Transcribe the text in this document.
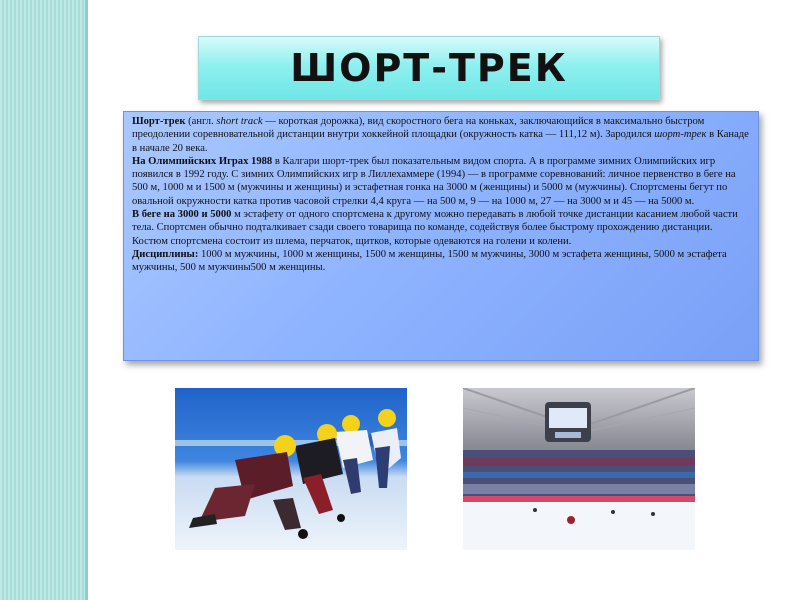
ШОРТ-ТРЕК

Шорт-трек (англ. short track — короткая дорожка), вид скоростного бега на коньках, заключающийся в максимально быстром преодолении соревновательной дистанции внутри хоккейной площадки (окружность катка — 111,12 м). Зародился шорт-трек в Канаде в начале 20 века.

На Олимпийских Играх 1988 в Калгари шорт-трек был показательным видом спорта. А в программе зимних Олимпийских игр появился в 1992 году. С зимних Олимпийских игр в Лиллехаммере (1994) — в программе соревнований: личное первенство в беге на 500 м, 1000 м и 1500 м (мужчины и женщины) и эстафетная гонка на 3000 м (женщины) и 5000 м (мужчины). Спортсмены бегут по овальной окружности катка против часовой стрелки 4,4 круга — на 500 м, 9 — на 1000 м, 27 — на 3000 м и 45 — на 5000 м.

В беге на 3000 и 5000 м эстафету от одного спортсмена к другому можно передавать в любой точке дистанции касанием любой части тела. Спортсмен обычно подталкивает сзади своего товарища по команде, содействуя более быстрому прохождению дистанции. Костюм спортсмена состоит из шлема, перчаток, щитков, которые одеваются на голени и колени.

Дисциплины: 1000 м мужчины, 1000 м женщины, 1500 м женщины, 1500 м мужчины, 3000 м эстафета женщины, 5000 м эстафета мужчины, 500 м мужчины500 м женщины.
